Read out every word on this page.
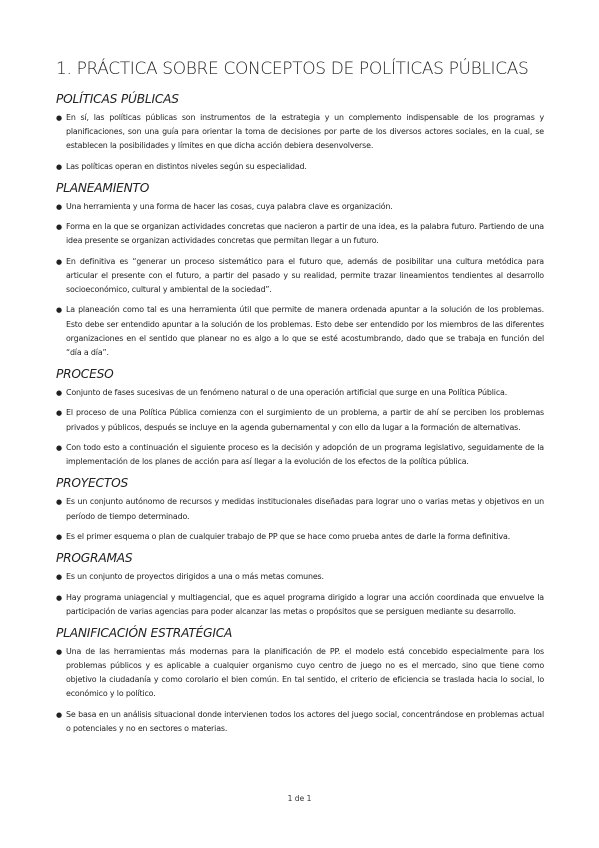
1. PRÁCTICA SOBRE CONCEPTOS DE POLÍTICAS PÚBLICAS
POLÍTICAS PÚBLICAS
● En sí, las políticas públicas son instrumentos de la estrategia y un complemento indispensable de los programas y planificaciones, son una guía para orientar la toma de decisiones por parte de los diversos actores sociales, en la cual, se establecen la posibilidades y límites en que dicha acción debiera desenvolverse.
● Las políticas operan en distintos niveles según su especialidad.
PLANEAMIENTO
● Una herramienta y una forma de hacer las cosas, cuya palabra clave es organización.
● Forma en la que se organizan actividades concretas que nacieron a partir de una idea, es la palabra futuro. Partiendo de una idea presente se organizan actividades concretas que permitan llegar a un futuro.
● En definitiva es “generar un proceso sistemático para el futuro que, además de posibilitar una cultura metódica para articular el presente con el futuro, a partir del pasado y su realidad, permite trazar lineamientos tendientes al desarrollo socioeconómico, cultural y ambiental de la sociedad”.
● La planeación como tal es una herramienta útil que permite de manera ordenada apuntar a la solución de los problemas. Esto debe ser entendido apuntar a la solución de los problemas. Esto debe ser entendido por los miembros de las diferentes organizaciones en el sentido que planear no es algo a lo que se esté acostumbrando, dado que se trabaja en función del “día a día”.
PROCESO
● Conjunto de fases sucesivas de un fenómeno natural o de una operación artificial que surge en una Política Pública.
● El proceso de una Política Pública comienza con el surgimiento de un problema, a partir de ahí se perciben los problemas privados y públicos, después se incluye en la agenda gubernamental y con ello da lugar a la formación de alternativas.
● Con todo esto a continuación el siguiente proceso es la decisión y adopción de un programa legislativo, seguidamente de la implementación de los planes de acción para así llegar a la evolución de los efectos de la política pública.
PROYECTOS
● Es un conjunto autónomo de recursos y medidas institucionales diseñadas para lograr uno o varias metas y objetivos en un período de tiempo determinado.
● Es el primer esquema o plan de cualquier trabajo de PP que se hace como prueba antes de darle la forma definitiva.
PROGRAMAS
● Es un conjunto de proyectos dirigidos a una o más metas comunes.
● Hay programa uniagencial y multiagencial, que es aquel programa dirigido a lograr una acción coordinada que envuelve la participación de varias agencias para poder alcanzar las metas o propósitos que se persiguen mediante su desarrollo.
PLANIFICACIÓN ESTRATÉGICA
● Una de las herramientas más modernas para la planificación de PP. el modelo está concebido especialmente para los problemas públicos y es aplicable a cualquier organismo cuyo centro de juego no es el mercado, sino que tiene como objetivo la ciudadanía y como corolario el bien común. En tal sentido, el criterio de eficiencia se traslada hacia lo social, lo económico y lo político.
● Se basa en un análisis situacional donde intervienen todos los actores del juego social, concentrándose en problemas actual o potenciales y no en sectores o materias.
1 de 1
